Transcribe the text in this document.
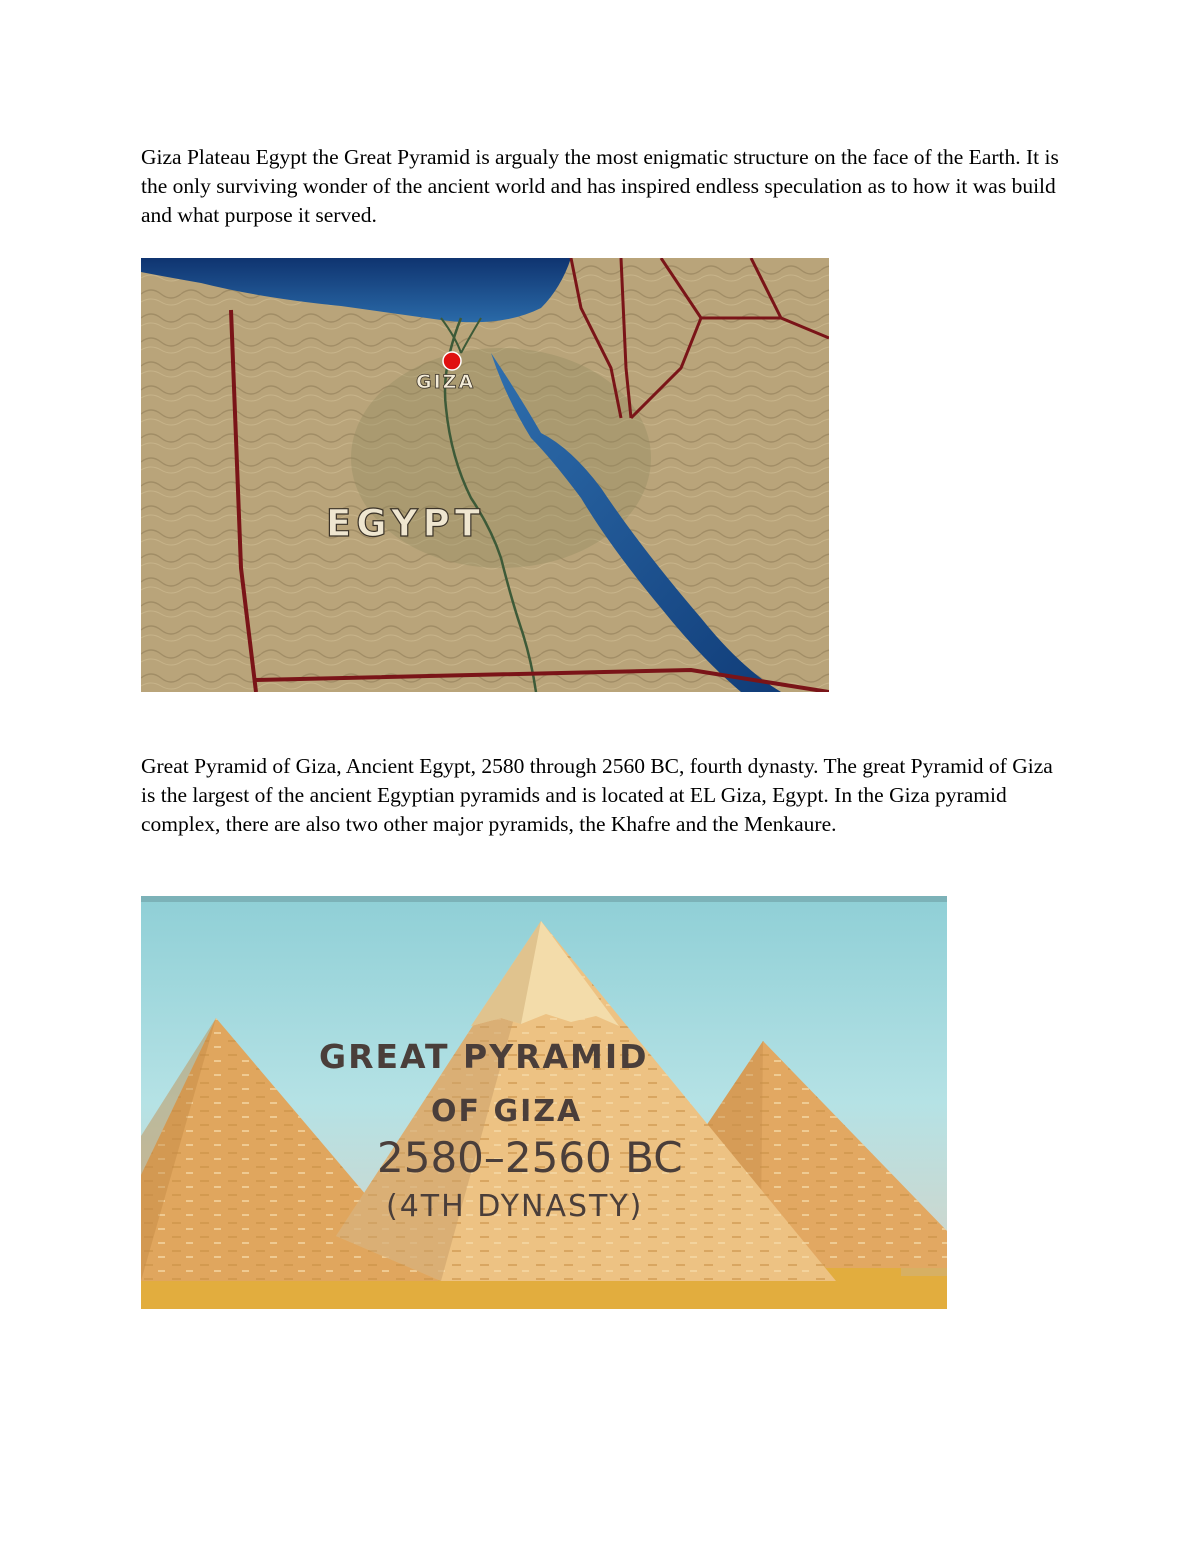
Giza Plateau Egypt the Great Pyramid is argualy the most enigmatic structure on the face of the Earth. It is the only surviving wonder of the ancient world and has inspired endless speculation as to how it was build and what purpose it served.

GIZA
EGYPT

Great Pyramid of Giza, Ancient Egypt, 2580 through 2560 BC, fourth dynasty. The great Pyramid of Giza is the largest of the ancient Egyptian pyramids and is located at EL Giza, Egypt. In the Giza pyramid complex, there are also two other major pyramids, the Khafre and the Menkaure.

GREAT PYRAMID
OF GIZA
2580–2560 BC
(4TH DYNASTY)
